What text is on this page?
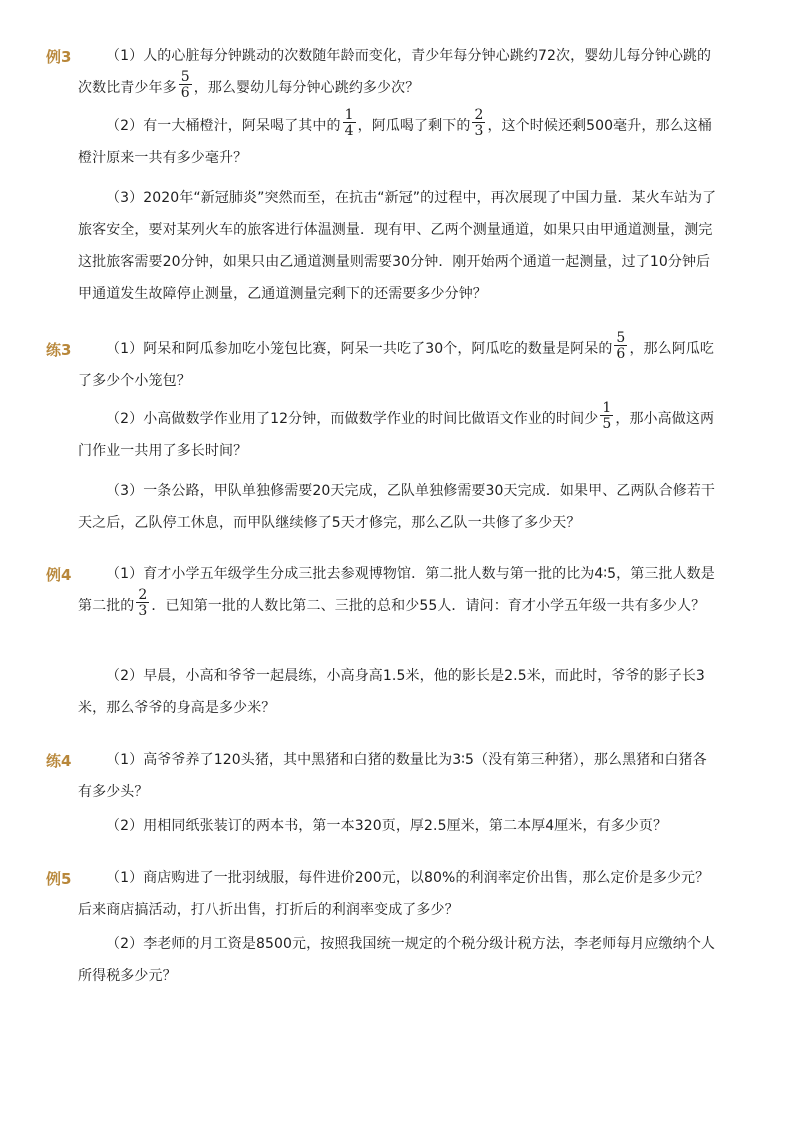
例3	（1）人的心脏每分钟跳动的次数随年龄而变化，青少年每分钟心跳约72次，婴幼儿每分钟心跳的次数比青少年多 $\frac{5}{6}$ ，那么婴幼儿每分钟心跳约多少次？
（2）有一大桶橙汁，阿呆喝了其中的 $\frac{1}{4}$ ，阿瓜喝了剩下的 $\frac{2}{3}$ ，这个时候还剩500毫升，那么这桶橙汁原来一共有多少毫升？
（3）2020年“新冠肺炎”突然而至，在抗击“新冠”的过程中，再次展现了中国力量．某火车站为了旅客安全，要对某列火车的旅客进行体温测量．现有甲、乙两个测量通道，如果只由甲通道测量，测完这批旅客需要20分钟，如果只由乙通道测量则需要30分钟．刚开始两个通道一起测量，过了10分钟后甲通道发生故障停止测量，乙通道测量完剩下的还需要多少分钟？
练3	（1）阿呆和阿瓜参加吃小笼包比赛，阿呆一共吃了30个，阿瓜吃的数量是阿呆的 $\frac{5}{6}$ ，那么阿瓜吃了多少个小笼包？
（2）小高做数学作业用了12分钟，而做数学作业的时间比做语文作业的时间少 $\frac{1}{5}$ ，那小高做这两门作业一共用了多长时间？
（3）一条公路，甲队单独修需要20天完成，乙队单独修需要30天完成．如果甲、乙两队合修若干天之后，乙队停工休息，而甲队继续修了5天才修完，那么乙队一共修了多少天？
例4	（1）育才小学五年级学生分成三批去参观博物馆．第二批人数与第一批的比为4∶5，第三批人数是第二批的 $\frac{2}{3}$ ．已知第一批的人数比第二、三批的总和少55人．请问：育才小学五年级一共有多少人？
（2）早晨，小高和爷爷一起晨练，小高身高1.5米，他的影长是2.5米，而此时，爷爷的影子长3米，那么爷爷的身高是多少米？
练4	（1）高爷爷养了120头猪，其中黑猪和白猪的数量比为3∶5（没有第三种猪），那么黑猪和白猪各有多少头？
（2）用相同纸张装订的两本书，第一本320页，厚2.5厘米，第二本厚4厘米，有多少页？
例5	（1）商店购进了一批羽绒服，每件进价200元，以80%的利润率定价出售，那么定价是多少元？后来商店搞活动，打八折出售，打折后的利润率变成了多少？
（2）李老师的月工资是8500元，按照我国统一规定的个税分级计税方法，李老师每月应缴纳个人所得税多少元？
